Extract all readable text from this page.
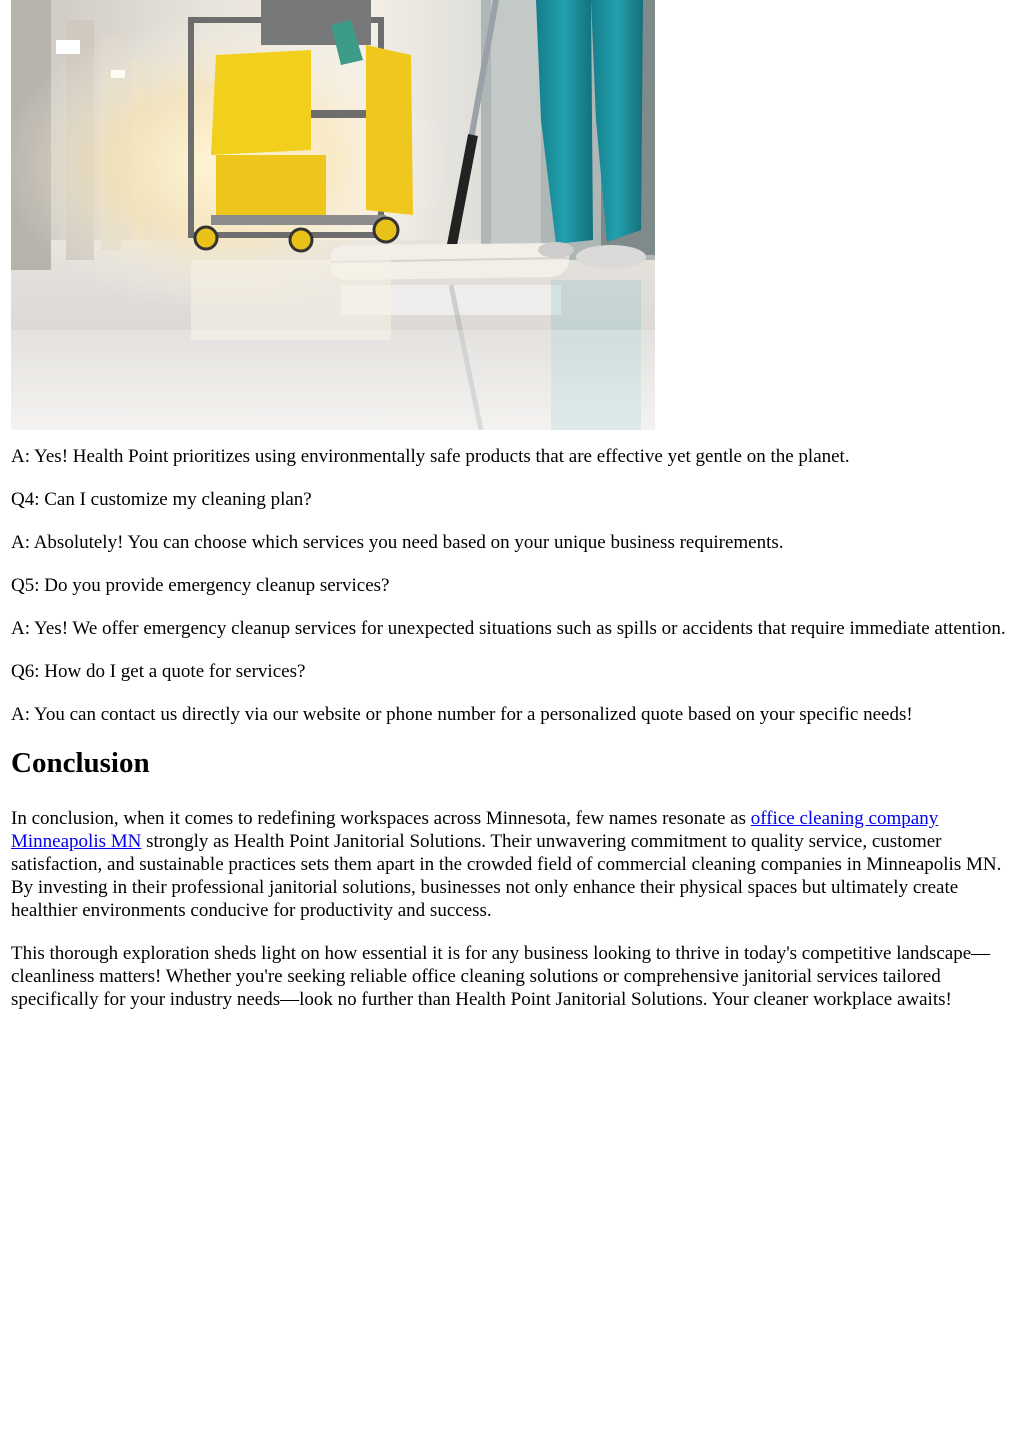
A: Yes! Health Point prioritizes using environmentally safe products that are effective yet gentle on the planet.

Q4: Can I customize my cleaning plan?

A: Absolutely! You can choose which services you need based on your unique business requirements.

Q5: Do you provide emergency cleanup services?

A: Yes! We offer emergency cleanup services for unexpected situations such as spills or accidents that require immediate attention.

Q6: How do I get a quote for services?

A: You can contact us directly via our website or phone number for a personalized quote based on your specific needs!

Conclusion

In conclusion, when it comes to redefining workspaces across Minnesota, few names resonate as office cleaning company Minneapolis MN strongly as Health Point Janitorial Solutions. Their unwavering commitment to quality service, customer satisfaction, and sustainable practices sets them apart in the crowded field of commercial cleaning companies in Minneapolis MN. By investing in their professional janitorial solutions, businesses not only enhance their physical spaces but ultimately create healthier environments conducive for productivity and success.

This thorough exploration sheds light on how essential it is for any business looking to thrive in today's competitive landscape—cleanliness matters! Whether you're seeking reliable office cleaning solutions or comprehensive janitorial services tailored specifically for your industry needs—look no further than Health Point Janitorial Solutions. Your cleaner workplace awaits!
